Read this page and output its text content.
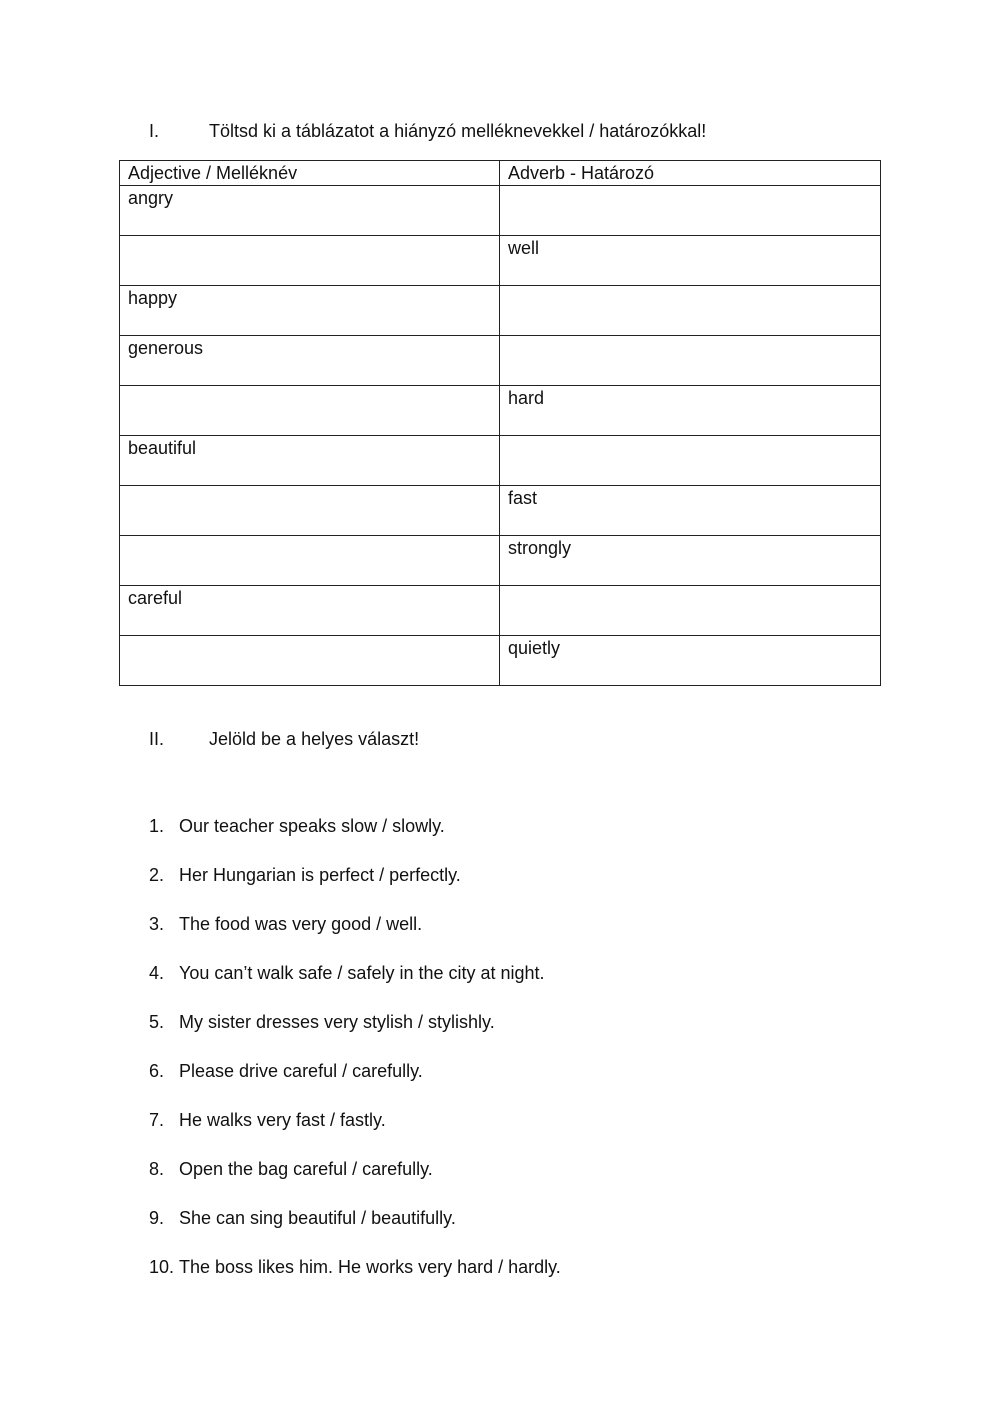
I.	Töltsd ki a táblázatot a hiányzó melléknevekkel / határozókkal!
Adjective / Melléknév	Adverb - Határozó
angry	
	well
happy	
generous	
	hard
beautiful	
	fast
	strongly
careful	
	quietly
II. Jelöld be a helyes választ!
1. Our teacher speaks slow / slowly.
2. Her Hungarian is perfect / perfectly.
3. The food was very good / well.
4. You can’t walk safe / safely in the city at night.
5. My sister dresses very stylish / stylishly.
6. Please drive careful / carefully.
7. He walks very fast / fastly.
8. Open the bag careful / carefully.
9. She can sing beautiful / beautifully.
10. The boss likes him. He works very hard / hardly.
